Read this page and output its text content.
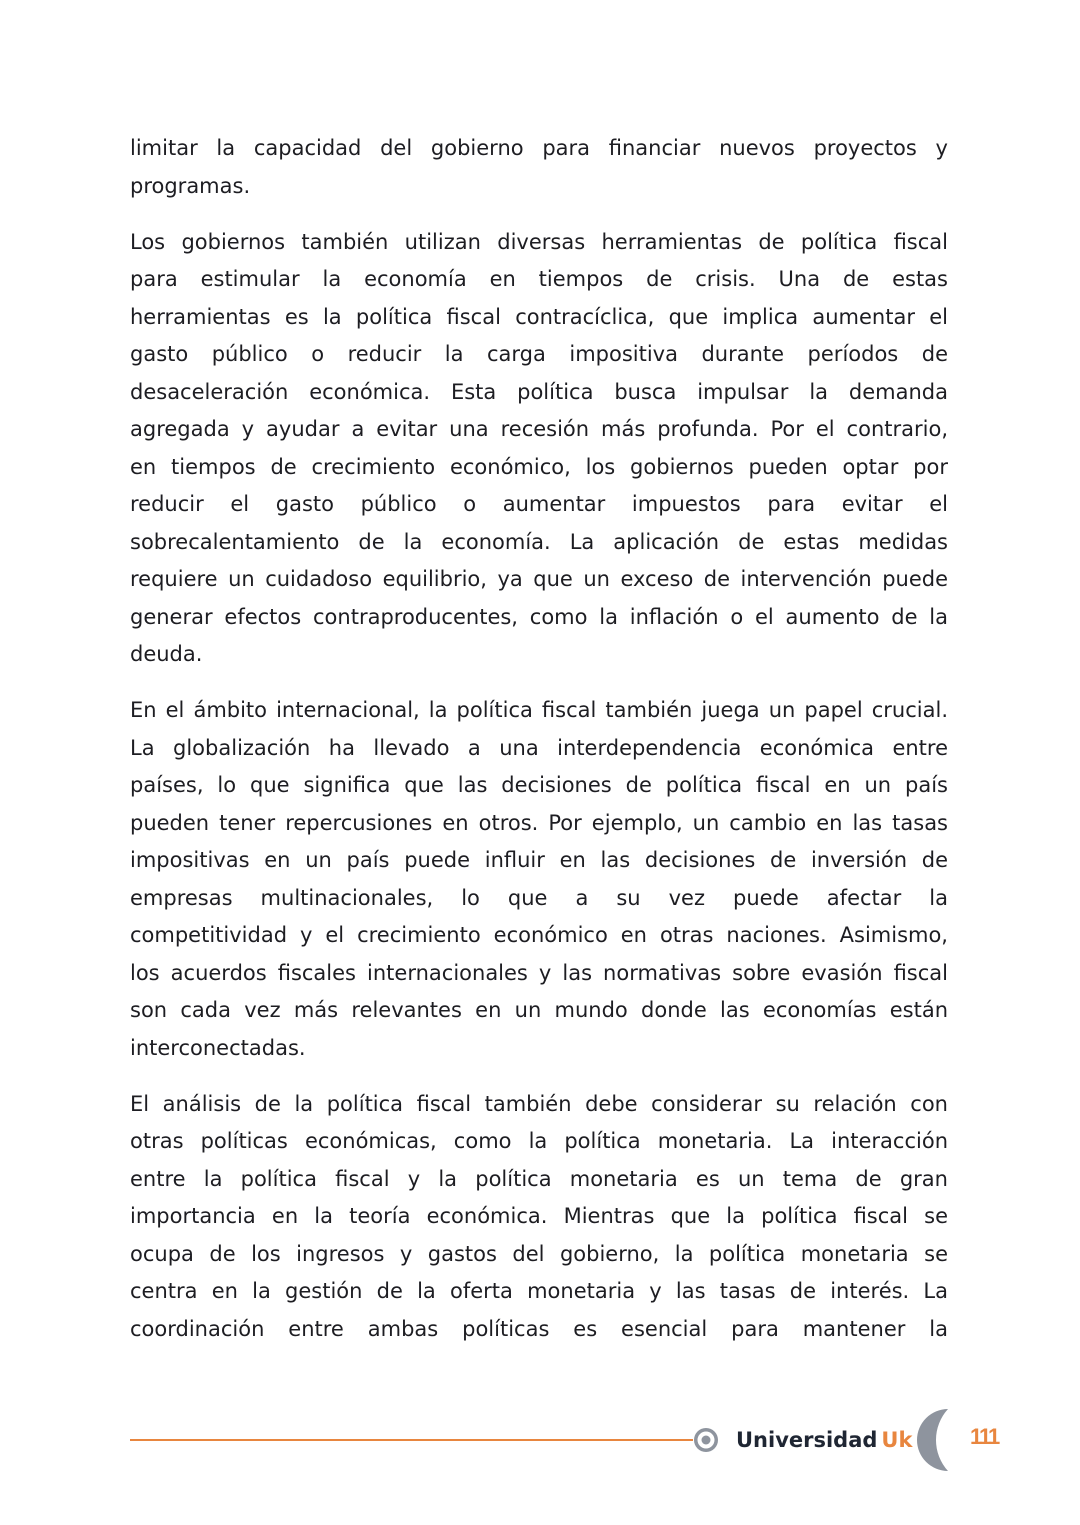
limitar la capacidad del gobierno para financiar nuevos proyectos y
programas.
Los gobiernos también utilizan diversas herramientas de política fiscal
para estimular la economía en tiempos de crisis. Una de estas
herramientas es la política fiscal contracíclica, que implica aumentar el
gasto público o reducir la carga impositiva durante períodos de
desaceleración económica. Esta política busca impulsar la demanda
agregada y ayudar a evitar una recesión más profunda. Por el contrario,
en tiempos de crecimiento económico, los gobiernos pueden optar por
reducir el gasto público o aumentar impuestos para evitar el
sobrecalentamiento de la economía. La aplicación de estas medidas
requiere un cuidadoso equilibrio, ya que un exceso de intervención puede
generar efectos contraproducentes, como la inflación o el aumento de la
deuda.
En el ámbito internacional, la política fiscal también juega un papel crucial.
La globalización ha llevado a una interdependencia económica entre
países, lo que significa que las decisiones de política fiscal en un país
pueden tener repercusiones en otros. Por ejemplo, un cambio en las tasas
impositivas en un país puede influir en las decisiones de inversión de
empresas multinacionales, lo que a su vez puede afectar la
competitividad y el crecimiento económico en otras naciones. Asimismo,
los acuerdos fiscales internacionales y las normativas sobre evasión fiscal
son cada vez más relevantes en un mundo donde las economías están
interconectadas.
El análisis de la política fiscal también debe considerar su relación con
otras políticas económicas, como la política monetaria. La interacción
entre la política fiscal y la política monetaria es un tema de gran
importancia en la teoría económica. Mientras que la política fiscal se
ocupa de los ingresos y gastos del gobierno, la política monetaria se
centra en la gestión de la oferta monetaria y las tasas de interés. La
coordinación entre ambas políticas es esencial para mantener la
Universidad Uk	111
